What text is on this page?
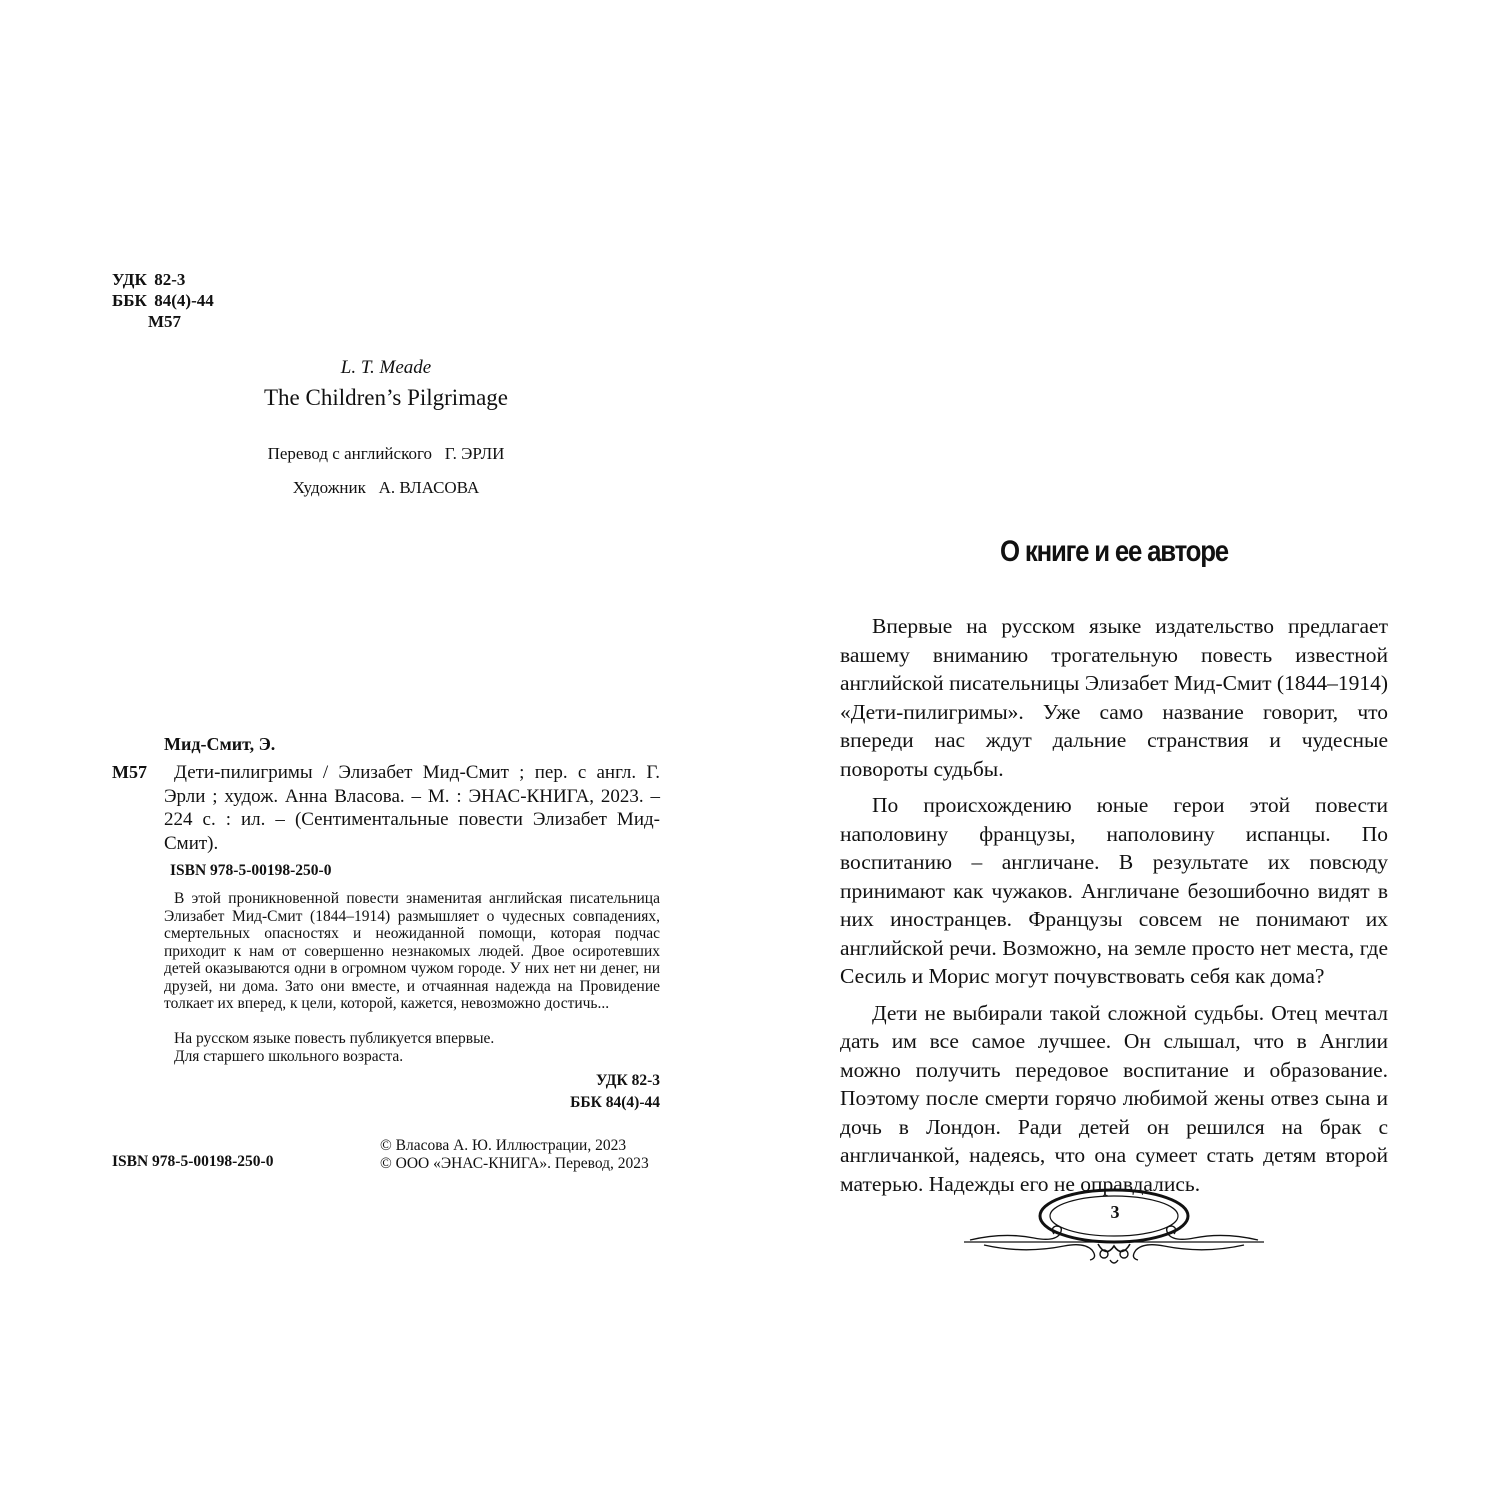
УДК 82-3
ББК 84(4)-44
М57
L. T. Meade
The Children’s Pilgrimage
Перевод с английского Г. ЭРЛИ
Художник А. ВЛАСОВА
Мид-Смит, Э.
М57	Дети-пилигримы / Элизабет Мид-Смит ; пер. с англ. Г. Эрли ; худож. Анна Власова. – М. : ЭНАС-КНИГА, 2023. – 224 с. : ил. – (Сентиментальные повести Элизабет Мид-Смит).
ISBN 978-5-00198-250-0
В этой проникновенной повести знаменитая английская писательница Элизабет Мид-Смит (1844–1914) размышляет о чудесных совпадениях, смертельных опасностях и неожиданной помощи, которая подчас приходит к нам от совершенно незнакомых людей. Двое осиротевших детей оказываются одни в огромном чужом городе. У них нет ни денег, ни друзей, ни дома. Зато они вместе, и отчаянная надежда на Провидение толкает их вперед, к цели, которой, кажется, невозможно достичь...
На русском языке повесть публикуется впервые.
Для старшего школьного возраста.
УДК 82-3
ББК 84(4)-44
© Власова А. Ю. Иллюстрации, 2023
© ООО «ЭНАС-КНИГА». Перевод, 2023
ISBN 978-5-00198-250-0
О книге и ее авторе

Впервые на русском языке издательство предлагает вашему вниманию трогательную повесть известной английской писательницы Элизабет Мид-Смит (1844–1914) «Дети-пилигримы». Уже само название говорит, что впереди нас ждут дальние странствия и чудесные повороты судьбы.

По происхождению юные герои этой повести наполовину французы, наполовину испанцы. По воспитанию – англичане. В результате их повсюду принимают как чужаков. Англичане безошибочно видят в них иностранцев. Французы совсем не понимают их английской речи. Возможно, на земле просто нет места, где Сесиль и Морис могут почувствовать себя как дома?

Дети не выбирали такой сложной судьбы. Отец мечтал дать им все самое лучшее. Он слышал, что в Англии можно получить передовое воспитание и образование. Поэтому после смерти горячо любимой жены отвез сына и дочь в Лондон. Ради детей он решился на брак с англичанкой, надеясь, что она сумеет стать детям второй матерью. Надежды его не оправдались.

3
